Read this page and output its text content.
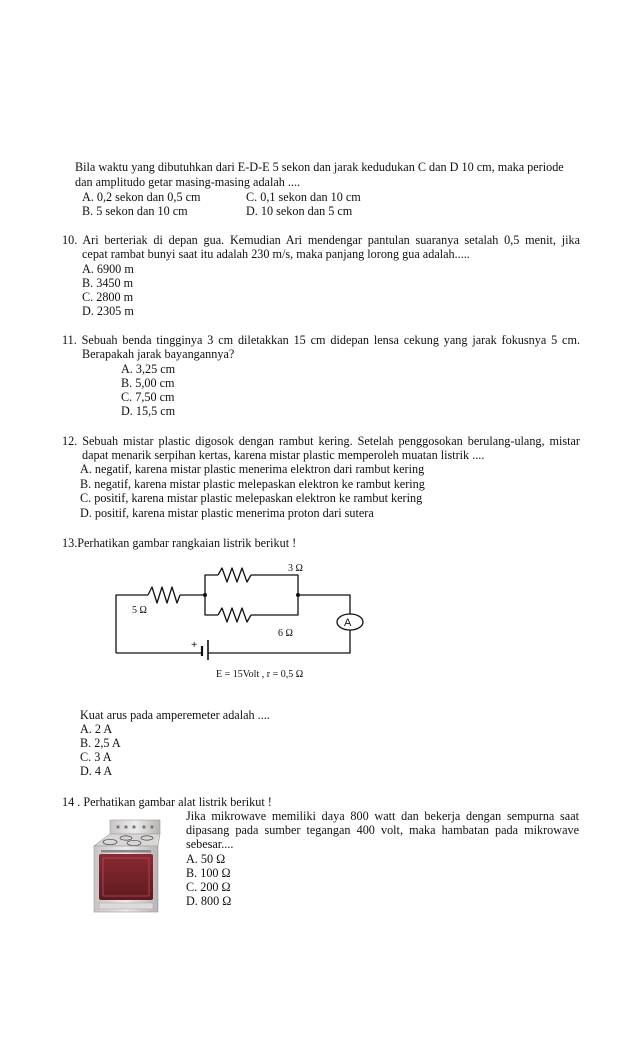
Bila waktu yang dibutuhkan dari E-D-E 5 sekon dan jarak kedudukan C dan D 10 cm, maka periode
dan amplitudo getar masing-masing adalah ....
A. 0,2 sekon dan 0,5 cm	C. 0,1 sekon dan 10 cm
B. 5 sekon dan 10 cm	D. 10 sekon dan 5 cm
10. Ari berteriak di depan gua. Kemudian Ari mendengar pantulan suaranya setalah 0,5 menit, jika
cepat rambat bunyi saat itu adalah 230 m/s, maka panjang lorong gua adalah.....
A. 6900 m
B. 3450 m
C. 2800 m
D. 2305 m
11. Sebuah benda tingginya 3 cm diletakkan 15 cm didepan lensa cekung yang jarak fokusnya 5 cm.
Berapakah jarak bayangannya?
A. 3,25 cm
B. 5,00 cm
C. 7,50 cm
D. 15,5 cm
12. Sebuah mistar plastic digosok dengan rambut kering. Setelah penggosokan berulang-ulang, mistar
dapat menarik serpihan kertas, karena mistar plastic memperoleh muatan listrik ....
A. negatif, karena mistar plastic menerima elektron dari rambut kering
B. negatif, karena mistar plastic melepaskan elektron ke rambut kering
C. positif, karena mistar plastic melepaskan elektron ke rambut kering
D. positif, karena mistar plastic menerima proton dari sutera
13.Perhatikan gambar rangkaian listrik berikut !
3 Ω
5 Ω
6 Ω
A
+
E = 15Volt , r = 0,5 Ω
Kuat arus pada amperemeter adalah ....
A. 2 A
B. 2,5 A
C. 3 A
D. 4 A
14 . Perhatikan gambar alat listrik berikut !
Jika mikrowave memiliki daya 800 watt dan bekerja dengan sempurna saat
dipasang pada sumber tegangan 400 volt, maka hambatan pada mikrowave
sebesar....
A. 50 Ω
B. 100 Ω
C. 200 Ω
D. 800 Ω
